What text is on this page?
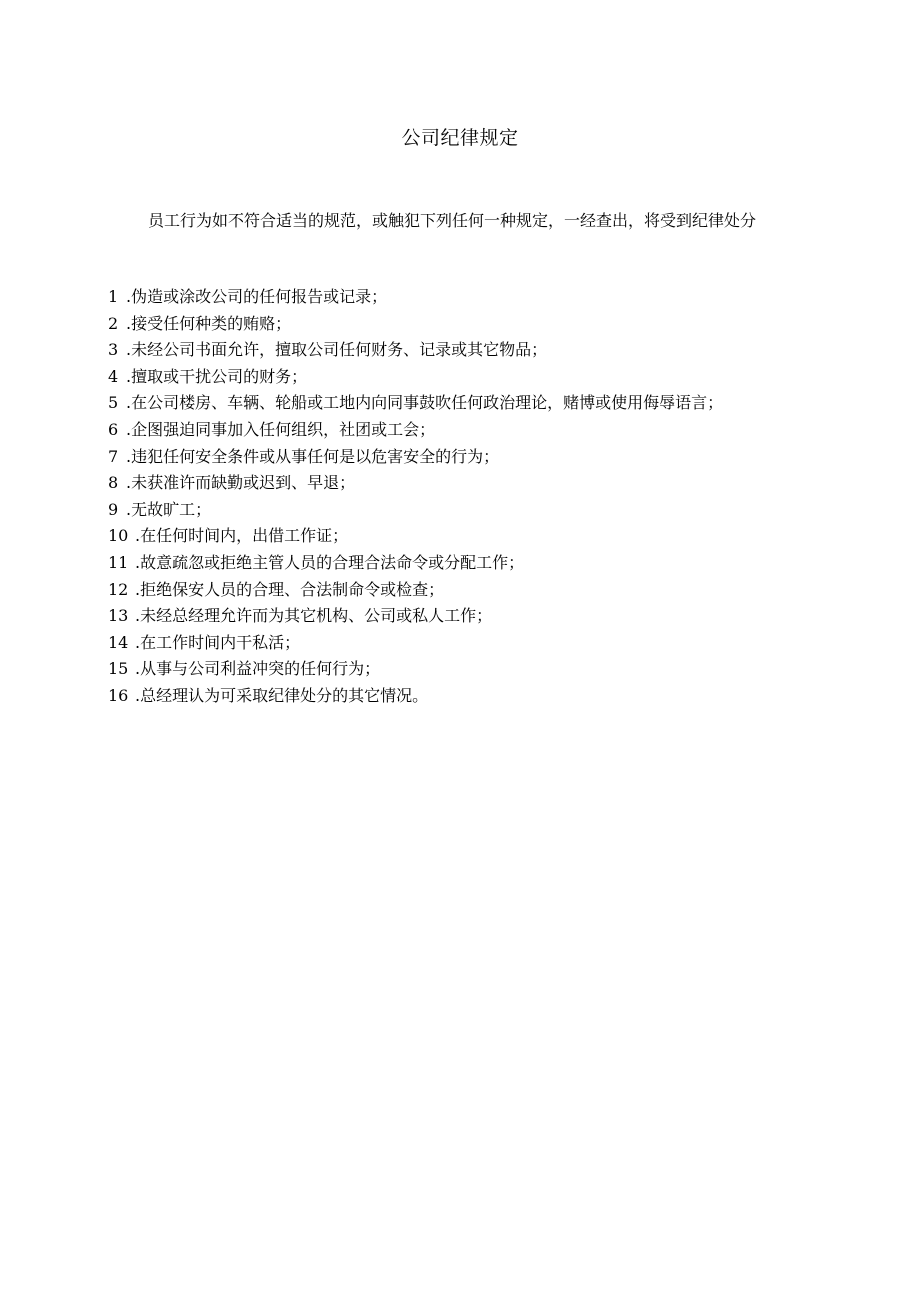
公司纪律规定

员工行为如不符合适当的规范，或触犯下列任何一种规定，一经查出，将受到纪律处分

1 .伪造或涂改公司的任何报告或记录；
2 .接受任何种类的贿赂；
3 .未经公司书面允许，擅取公司任何财务、记录或其它物品；
4 .擅取或干扰公司的财务；
5 .在公司楼房、车辆、轮船或工地内向同事鼓吹任何政治理论，赌博或使用侮辱语言；
6 .企图强迫同事加入任何组织，社团或工会；
7 .违犯任何安全条件或从事任何是以危害安全的行为；
8 .未获准许而缺勤或迟到、早退；
9 .无故旷工；
10 .在任何时间内，出借工作证；
11 .故意疏忽或拒绝主管人员的合理合法命令或分配工作；
12 .拒绝保安人员的合理、合法制命令或检查；
13 .未经总经理允许而为其它机构、公司或私人工作；
14 .在工作时间内干私活；
15 .从事与公司利益冲突的任何行为；
16 .总经理认为可采取纪律处分的其它情况。
